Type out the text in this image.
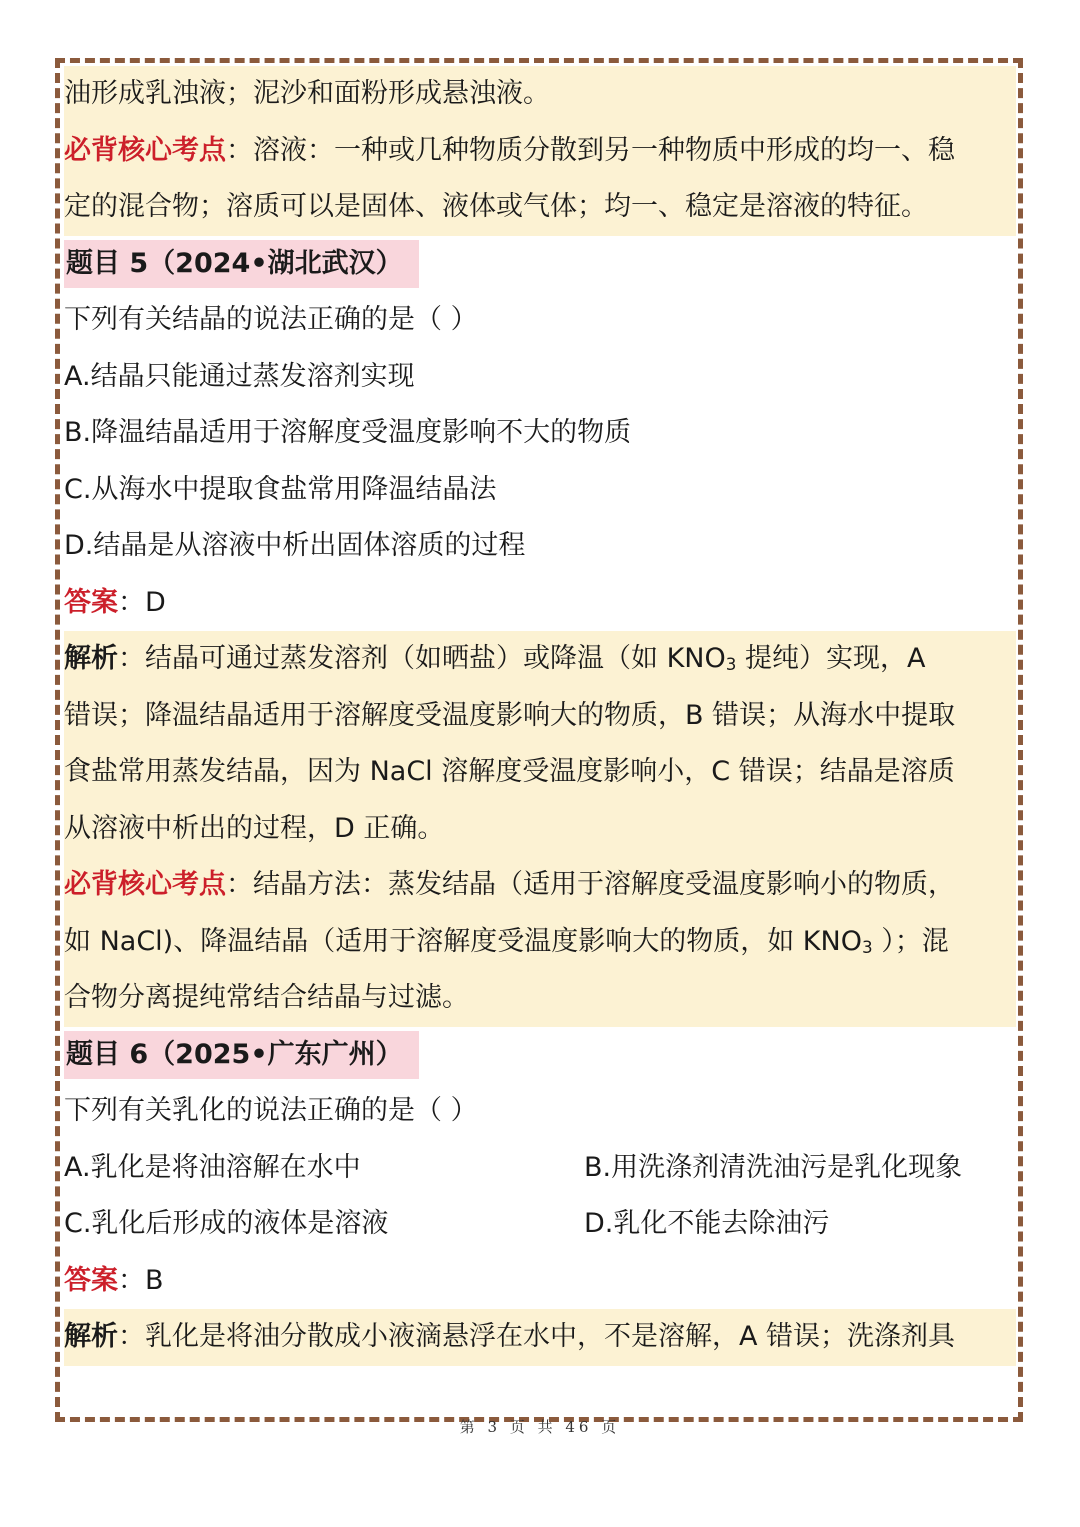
油形成乳浊液；泥沙和面粉形成悬浊液。
必背核心考点：溶液：一种或几种物质分散到另一种物质中形成的均一、稳
定的混合物；溶质可以是固体、液体或气体；均一、稳定是溶液的特征。
题目 5（2024•湖北武汉）
下列有关结晶的说法正确的是（ ）
A.结晶只能通过蒸发溶剂实现
B.降温结晶适用于溶解度受温度影响不大的物质
C.从海水中提取食盐常用降温结晶法
D.结晶是从溶液中析出固体溶质的过程
答案：D
解析：结晶可通过蒸发溶剂（如晒盐）或降温（如 KNO3 提纯）实现，A
错误；降温结晶适用于溶解度受温度影响大的物质，B 错误；从海水中提取
食盐常用蒸发结晶，因为 NaCl 溶解度受温度影响小，C 错误；结晶是溶质
从溶液中析出的过程，D 正确。
必背核心考点：结晶方法：蒸发结晶（适用于溶解度受温度影响小的物质，
如 NaCl)、降温结晶（适用于溶解度受温度影响大的物质，如 KNO3 ）；混
合物分离提纯常结合结晶与过滤。
题目 6（2025•广东广州）
下列有关乳化的说法正确的是（ ）
A.乳化是将油溶解在水中	B.用洗涤剂清洗油污是乳化现象
C.乳化后形成的液体是溶液	D.乳化不能去除油污
答案：B
解析：乳化是将油分散成小液滴悬浮在水中，不是溶解，A 错误；洗涤剂具
第 3 页 共 46 页
